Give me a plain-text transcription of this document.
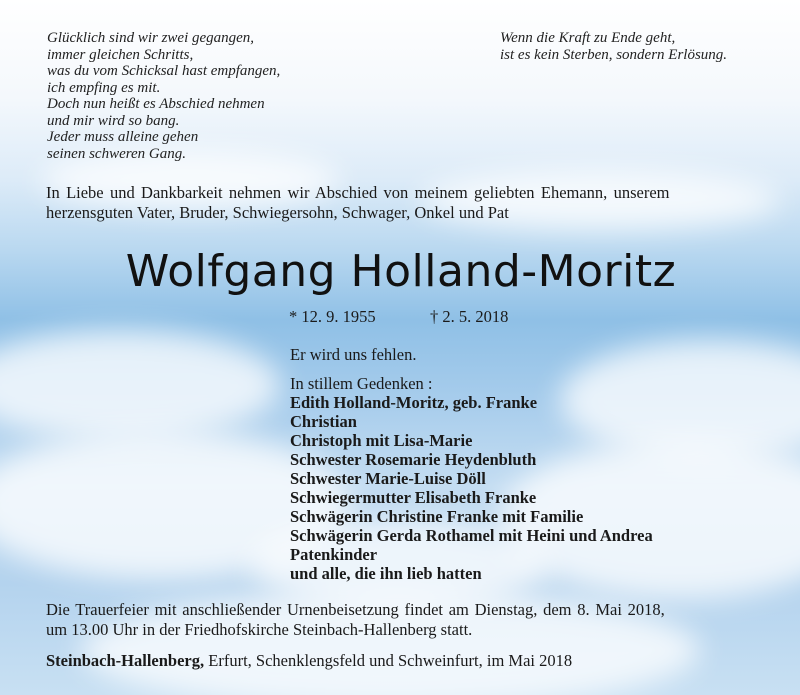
Glücklich sind wir zwei gegangen,
immer gleichen Schritts,
was du vom Schicksal hast empfangen,
ich empfing es mit.
Doch nun heißt es Abschied nehmen
und mir wird so bang.
Jeder muss alleine gehen
seinen schweren Gang.
Wenn die Kraft zu Ende geht,
ist es kein Sterben, sondern Erlösung.
In Liebe und Dankbarkeit nehmen wir Abschied von meinem geliebten Ehemann, unserem
herzensguten Vater, Bruder, Schwiegersohn, Schwager, Onkel und Pat
Wolfgang Holland-Moritz
* 12. 9. 1955	† 2. 5. 2018
Er wird uns fehlen.
In stillem Gedenken :
Edith Holland-Moritz, geb. Franke
Christian
Christoph mit Lisa-Marie
Schwester Rosemarie Heydenbluth
Schwester Marie-Luise Döll
Schwiegermutter Elisabeth Franke
Schwägerin Christine Franke mit Familie
Schwägerin Gerda Rothamel mit Heini und Andrea
Patenkinder
und alle, die ihn lieb hatten
Die Trauerfeier mit anschließender Urnenbeisetzung findet am Dienstag, dem 8. Mai 2018,
um 13.00 Uhr in der Friedhofskirche Steinbach-Hallenberg statt.
Steinbach-Hallenberg, Erfurt, Schenklengsfeld und Schweinfurt, im Mai 2018
